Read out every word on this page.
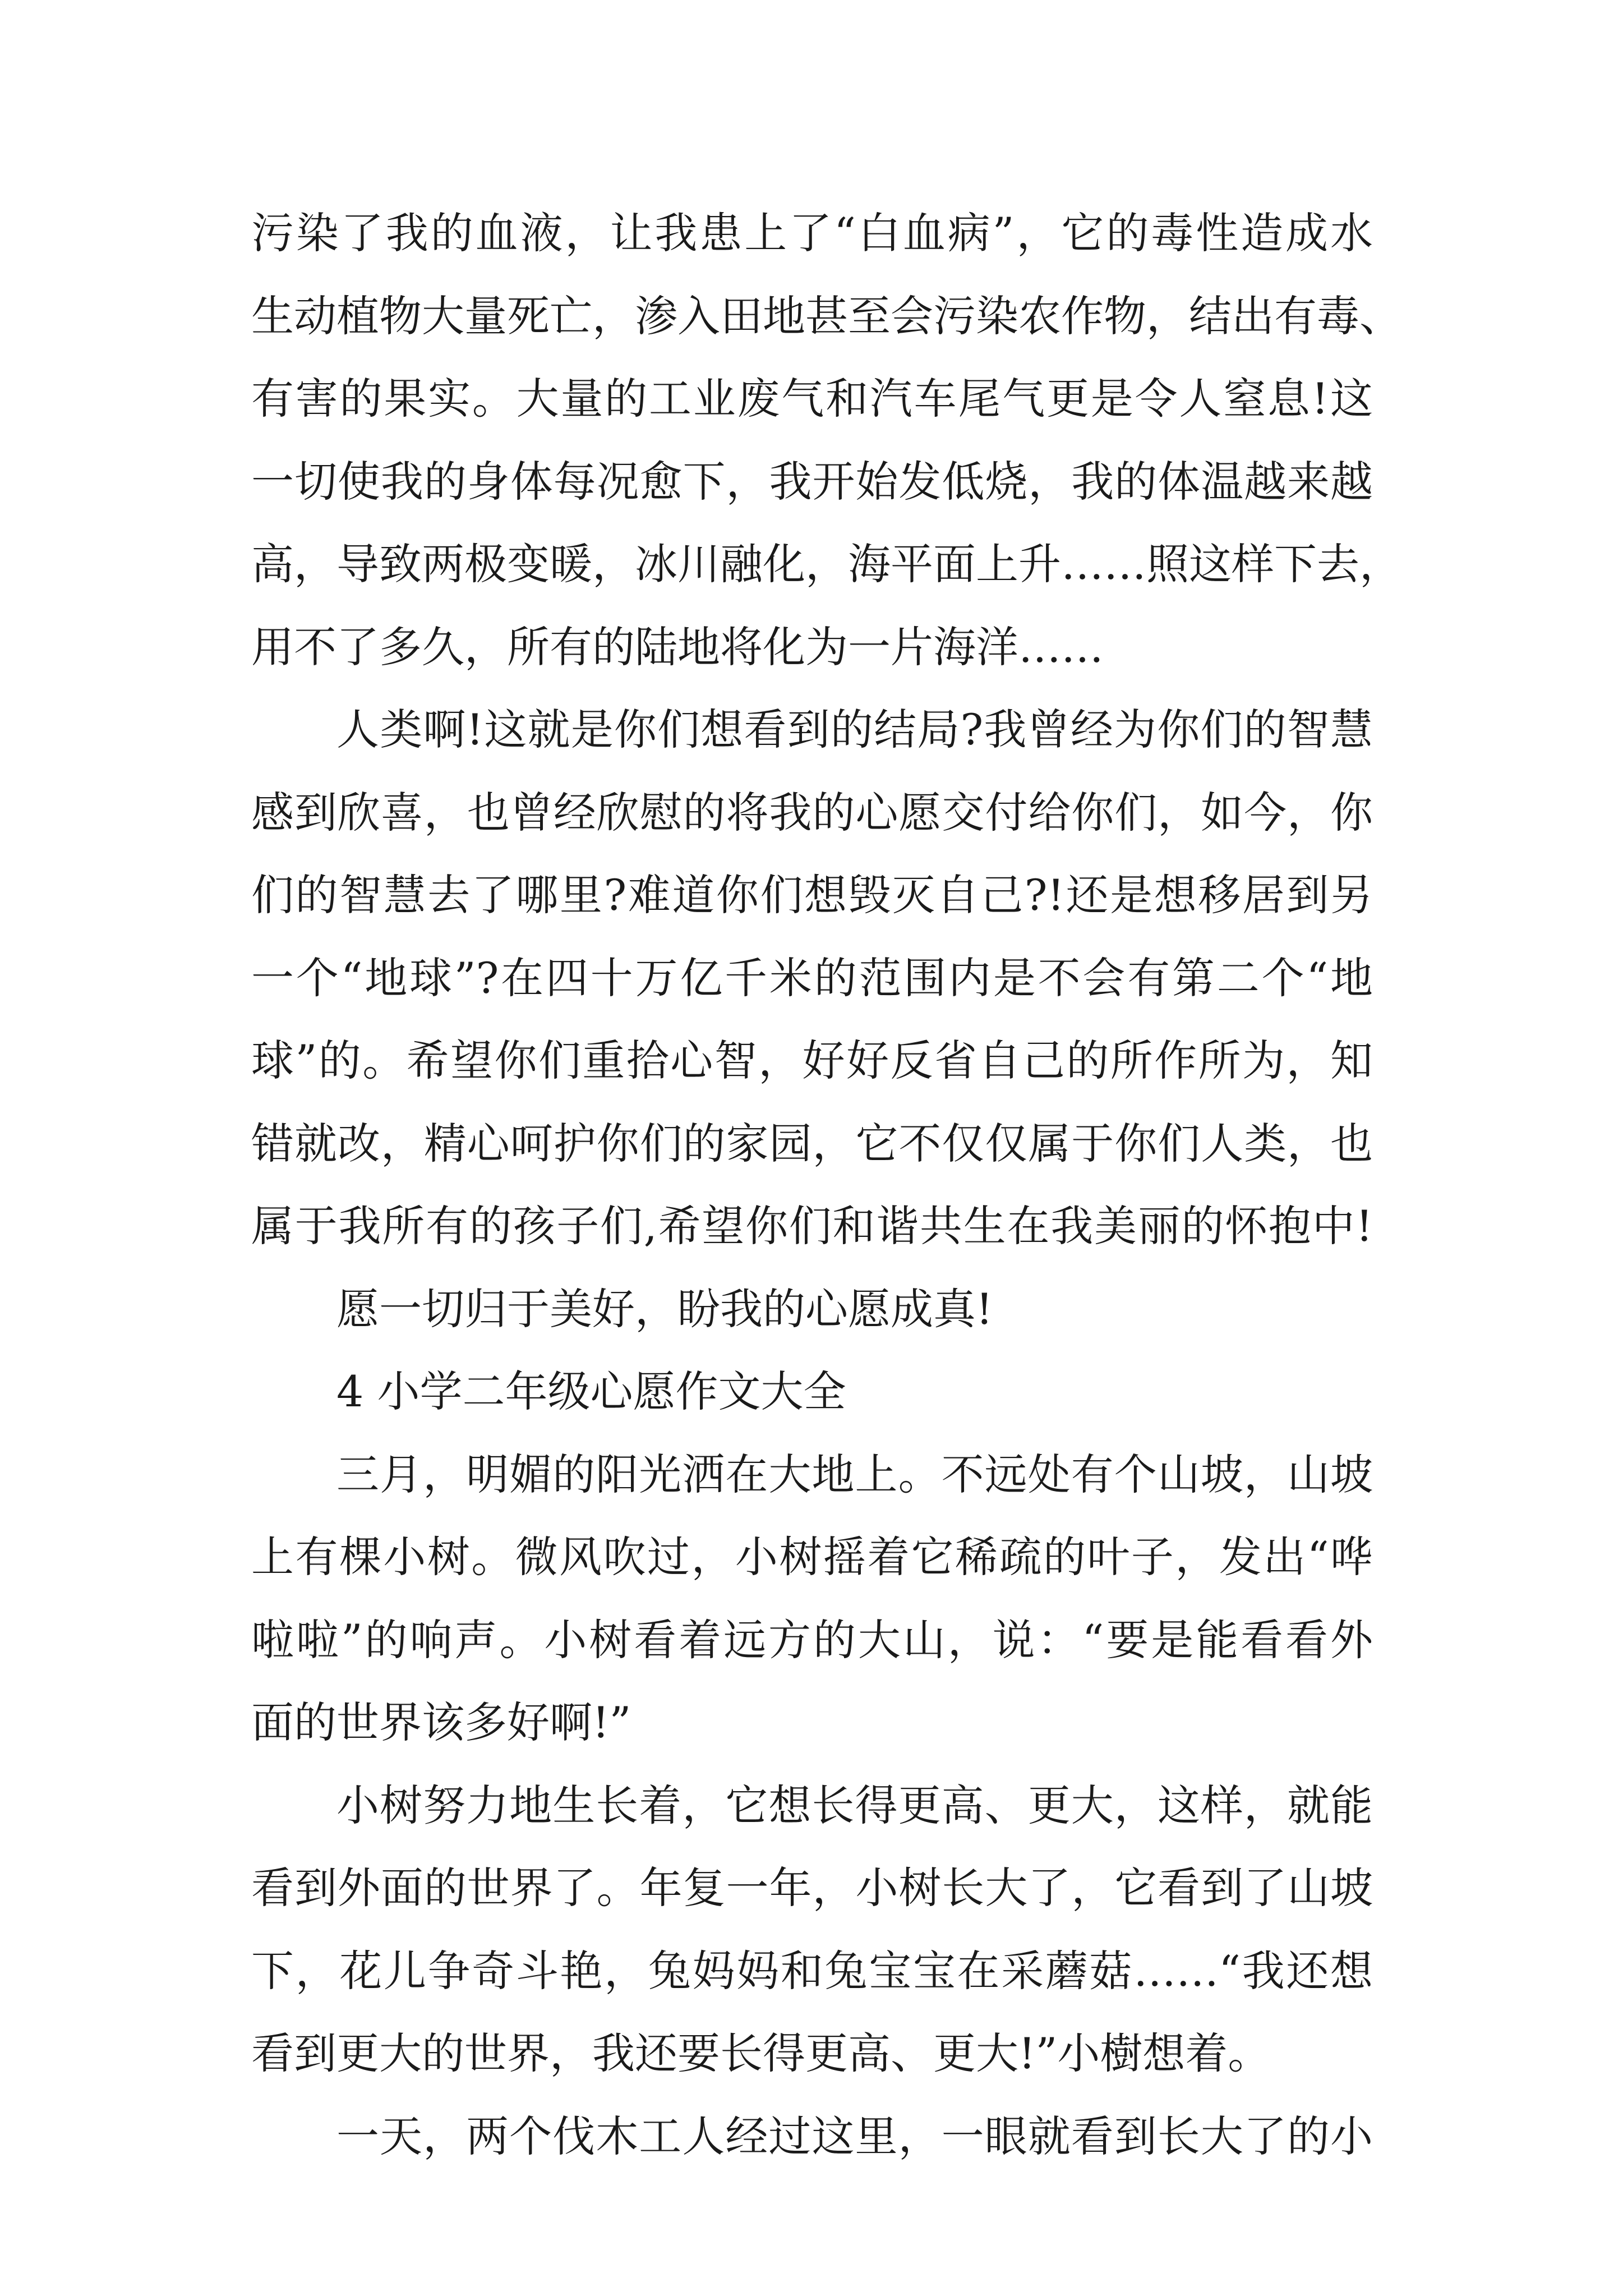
污染了我的血液，让我患上了“白血病”，它的毒性造成水
生动植物大量死亡，渗入田地甚至会污染农作物，结出有毒、
有害的果实。大量的工业废气和汽车尾气更是令人窒息!这
一切使我的身体每况愈下，我开始发低烧，我的体温越来越
高，导致两极变暖，冰川融化，海平面上升……照这样下去，
用不了多久，所有的陆地将化为一片海洋……
人类啊!这就是你们想看到的结局?我曾经为你们的智慧
感到欣喜，也曾经欣慰的将我的心愿交付给你们，如今，你
们的智慧去了哪里?难道你们想毁灭自己?!还是想移居到另
一个“地球”?在四十万亿千米的范围内是不会有第二个“地
球”的。希望你们重拾心智，好好反省自己的所作所为，知
错就改，精心呵护你们的家园，它不仅仅属于你们人类，也
属于我所有的孩子们,希望你们和谐共生在我美丽的怀抱中!
愿一切归于美好，盼我的心愿成真!
4 小学二年级心愿作文大全
三月，明媚的阳光洒在大地上。不远处有个山坡，山坡
上有棵小树。微风吹过，小树摇着它稀疏的叶子，发出“哗
啦啦”的响声。小树看着远方的大山，说：“要是能看看外
面的世界该多好啊!”
小树努力地生长着，它想长得更高、更大，这样，就能
看到外面的世界了。年复一年，小树长大了，它看到了山坡
下，花儿争奇斗艳，兔妈妈和兔宝宝在采蘑菇……“我还想
看到更大的世界，我还要长得更高、更大!”小樹想着。
一天，两个伐木工人经过这里，一眼就看到长大了的小
